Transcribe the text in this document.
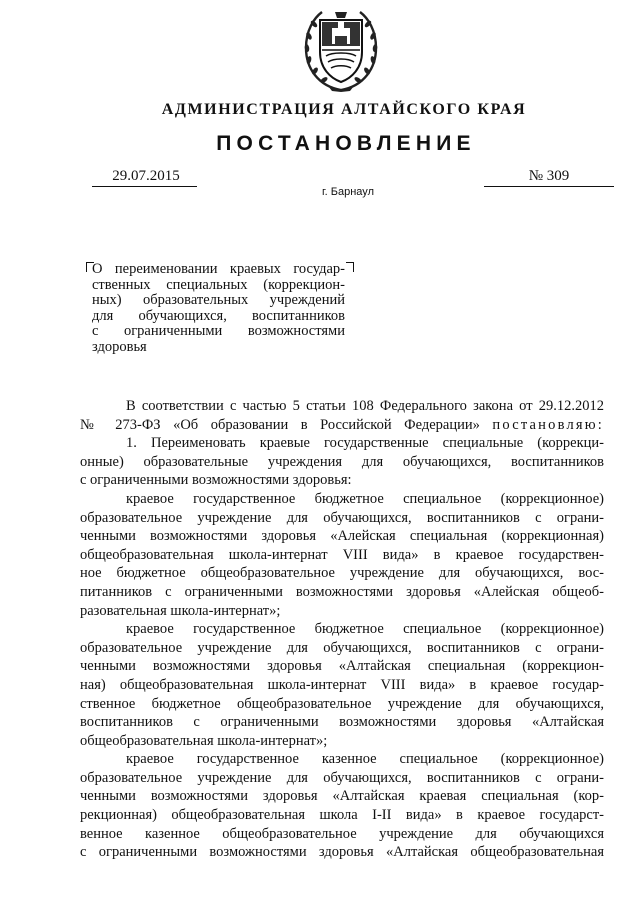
АДМИНИСТРАЦИЯ АЛТАЙСКОГО КРАЯ
ПОСТАНОВЛЕНИЕ
29.07.2015	№ 309
г. Барнаул
О переименовании краевых государ-
ственных специальных (коррекцион-
ных) образовательных учреждений
для обучающихся, воспитанников
с ограниченными возможностями
здоровья
В соответствии с частью 5 статьи 108 Федерального закона от 29.12.2012
№ 273-ФЗ «Об образовании в Российской Федерации» постановляю:
1. Переименовать краевые государственные специальные (коррекци-
онные) образовательные учреждения для обучающихся, воспитанников
с ограниченными возможностями здоровья:
краевое государственное бюджетное специальное (коррекционное)
образовательное учреждение для обучающихся, воспитанников с ограни-
ченными возможностями здоровья «Алейская специальная (коррекционная)
общеобразовательная школа-интернат VIII вида» в краевое государствен-
ное бюджетное общеобразовательное учреждение для обучающихся, вос-
питанников с ограниченными возможностями здоровья «Алейская общеоб-
разовательная школа-интернат»;
краевое государственное бюджетное специальное (коррекционное)
образовательное учреждение для обучающихся, воспитанников с ограни-
ченными возможностями здоровья «Алтайская специальная (коррекцион-
ная) общеобразовательная школа-интернат VIII вида» в краевое государ-
ственное бюджетное общеобразовательное учреждение для обучающихся,
воспитанников с ограниченными возможностями здоровья «Алтайская
общеобразовательная школа-интернат»;
краевое государственное казенное специальное (коррекционное)
образовательное учреждение для обучающихся, воспитанников с ограни-
ченными возможностями здоровья «Алтайская краевая специальная (кор-
рекционная) общеобразовательная школа I-II вида» в краевое государст-
венное казенное общеобразовательное учреждение для обучающихся
с ограниченными возможностями здоровья «Алтайская общеобразовательная
